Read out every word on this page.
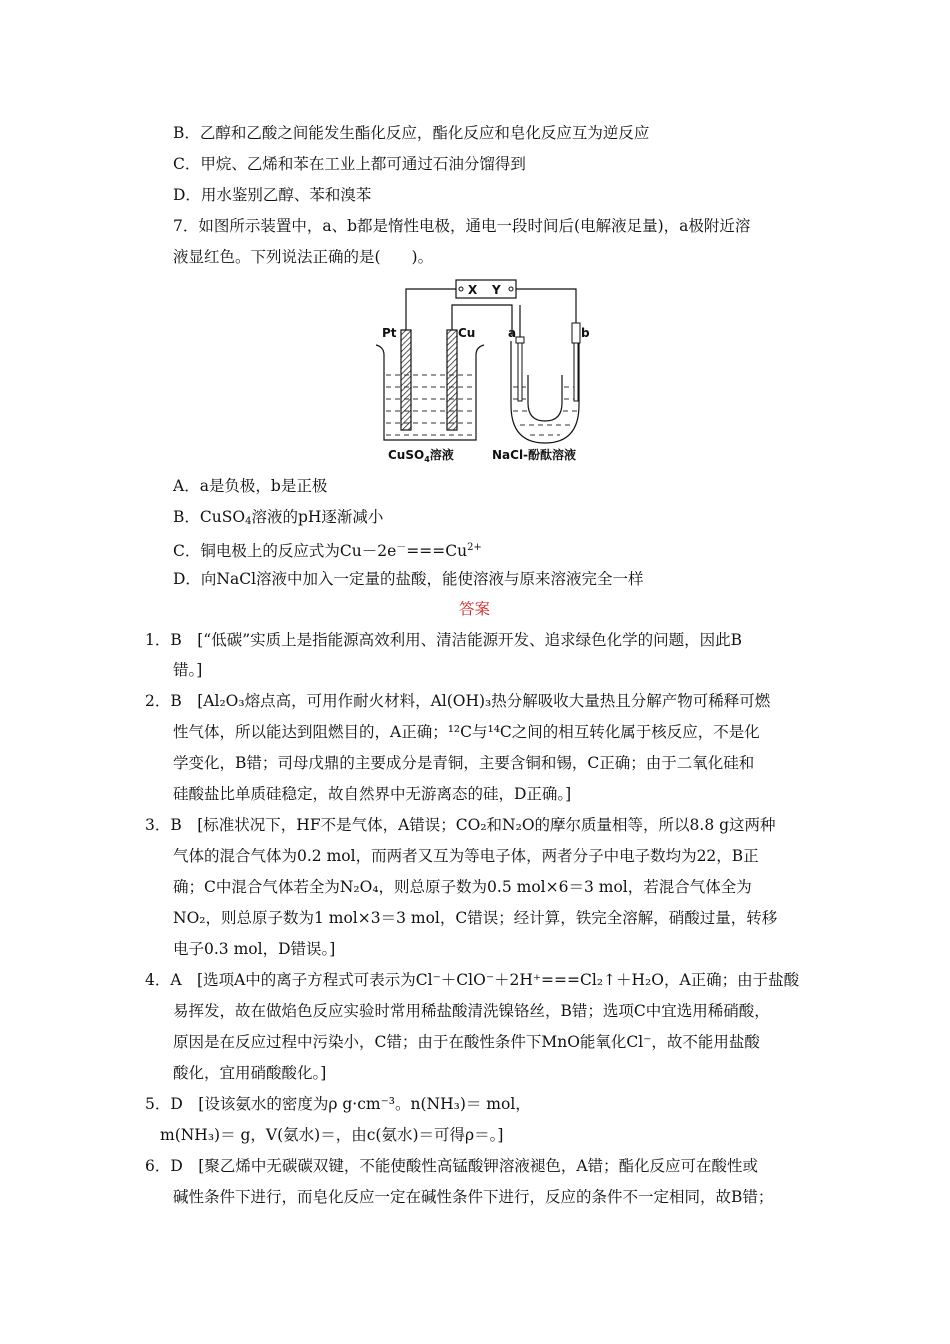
B．乙醇和乙酸之间能发生酯化反应，酯化反应和皂化反应互为逆反应
C．甲烷、乙烯和苯在工业上都可通过石油分馏得到
D．用水鉴别乙醇、苯和溴苯
7．如图所示装置中，a、b都是惰性电极，通电一段时间后(电解液足量)，a极附近溶
液显红色。下列说法正确的是(　　)。
X Y
Pt	Cu	a	b
CuSO$_4$溶液	NaCl-酚酞溶液
A．a是负极，b是正极
B．CuSO$_4$溶液的pH逐渐减小
C．铜电极上的反应式为$Cu-2e^-===Cu^{2+}$
D．向NaCl溶液中加入一定量的盐酸，能使溶液与原来溶液完全一样
答案
1．B　[“低碳”实质上是指能源高效利用、清洁能源开发、追求绿色化学的问题，因此B
错。]
2．B　[Al₂O₃熔点高，可用作耐火材料，Al(OH)₃热分解吸收大量热且分解产物可稀释可燃
性气体，所以能达到阻燃目的，A正确；¹²C与¹⁴C之间的相互转化属于核反应，不是化
学变化，B错；司母戊鼎的主要成分是青铜，主要含铜和锡，C正确；由于二氧化硅和
硅酸盐比单质硅稳定，故自然界中无游离态的硅，D正确。]
3．B　[标准状况下，HF不是气体，A错误；CO₂和N₂O的摩尔质量相等，所以8.8 g这两种
气体的混合气体为0.2 mol，而两者又互为等电子体，两者分子中电子数均为22，B正
确；C中混合气体若全为N₂O₄，则总原子数为0.5 mol×6＝3 mol，若混合气体全为
NO₂，则总原子数为1 mol×3＝3 mol，C错误；经计算，铁完全溶解，硝酸过量，转移
电子0.3 mol，D错误。]
4．A　[选项A中的离子方程式可表示为Cl⁻＋ClO⁻＋2H⁺===Cl₂↑＋H₂O，A正确；由于盐酸
易挥发，故在做焰色反应实验时常用稀盐酸清洗镍铬丝，B错；选项C中宜选用稀硝酸，
原因是在反应过程中污染小，C错；由于在酸性条件下MnO能氧化Cl⁻，故不能用盐酸
酸化，宜用硝酸酸化。]
5．D　[设该氨水的密度为ρ g·cm⁻³。n(NH₃)＝ mol，
m(NH₃)＝ g，V(氨水)＝，由c(氨水)＝可得ρ＝。]
6．D　[聚乙烯中无碳碳双键，不能使酸性高锰酸钾溶液褪色，A错；酯化反应可在酸性或
碱性条件下进行，而皂化反应一定在碱性条件下进行，反应的条件不一定相同，故B错；
